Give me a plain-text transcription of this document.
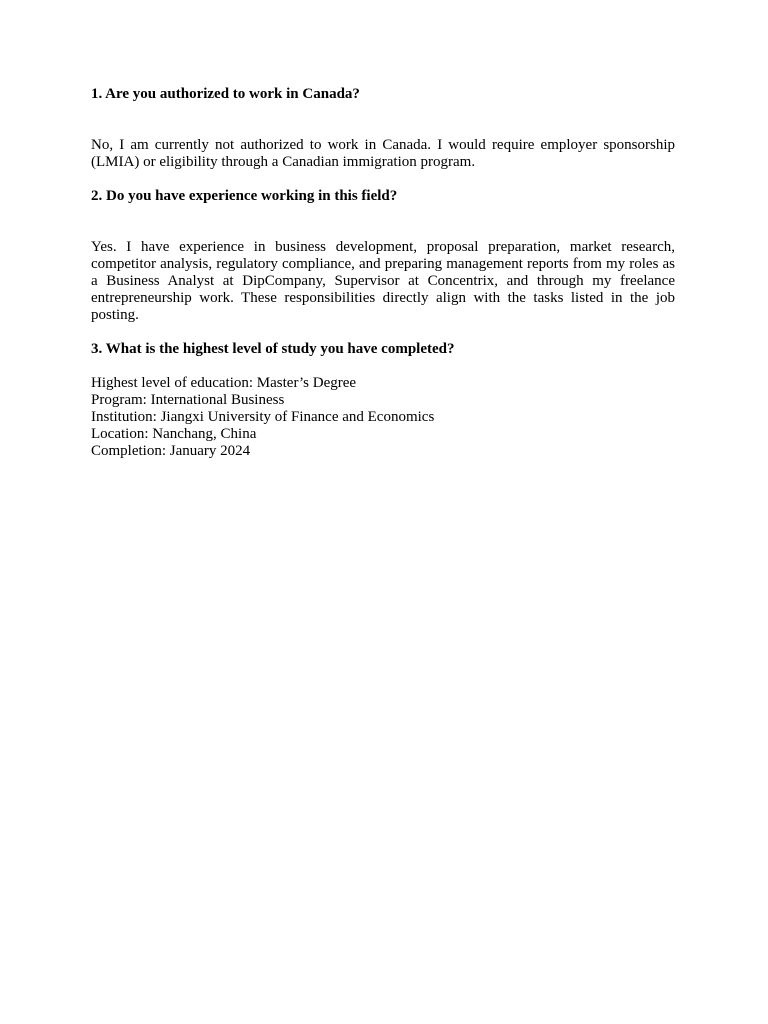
1. Are you authorized to work in Canada?

No, I am currently not authorized to work in Canada. I would require employer sponsorship (LMIA) or eligibility through a Canadian immigration program.

2. Do you have experience working in this field?

Yes. I have experience in business development, proposal preparation, market research, competitor analysis, regulatory compliance, and preparing management reports from my roles as a Business Analyst at DipCompany, Supervisor at Concentrix, and through my freelance entrepreneurship work. These responsibilities directly align with the tasks listed in the job posting.

3. What is the highest level of study you have completed?

Highest level of education: Master’s Degree
Program: International Business
Institution: Jiangxi University of Finance and Economics
Location: Nanchang, China
Completion: January 2024
